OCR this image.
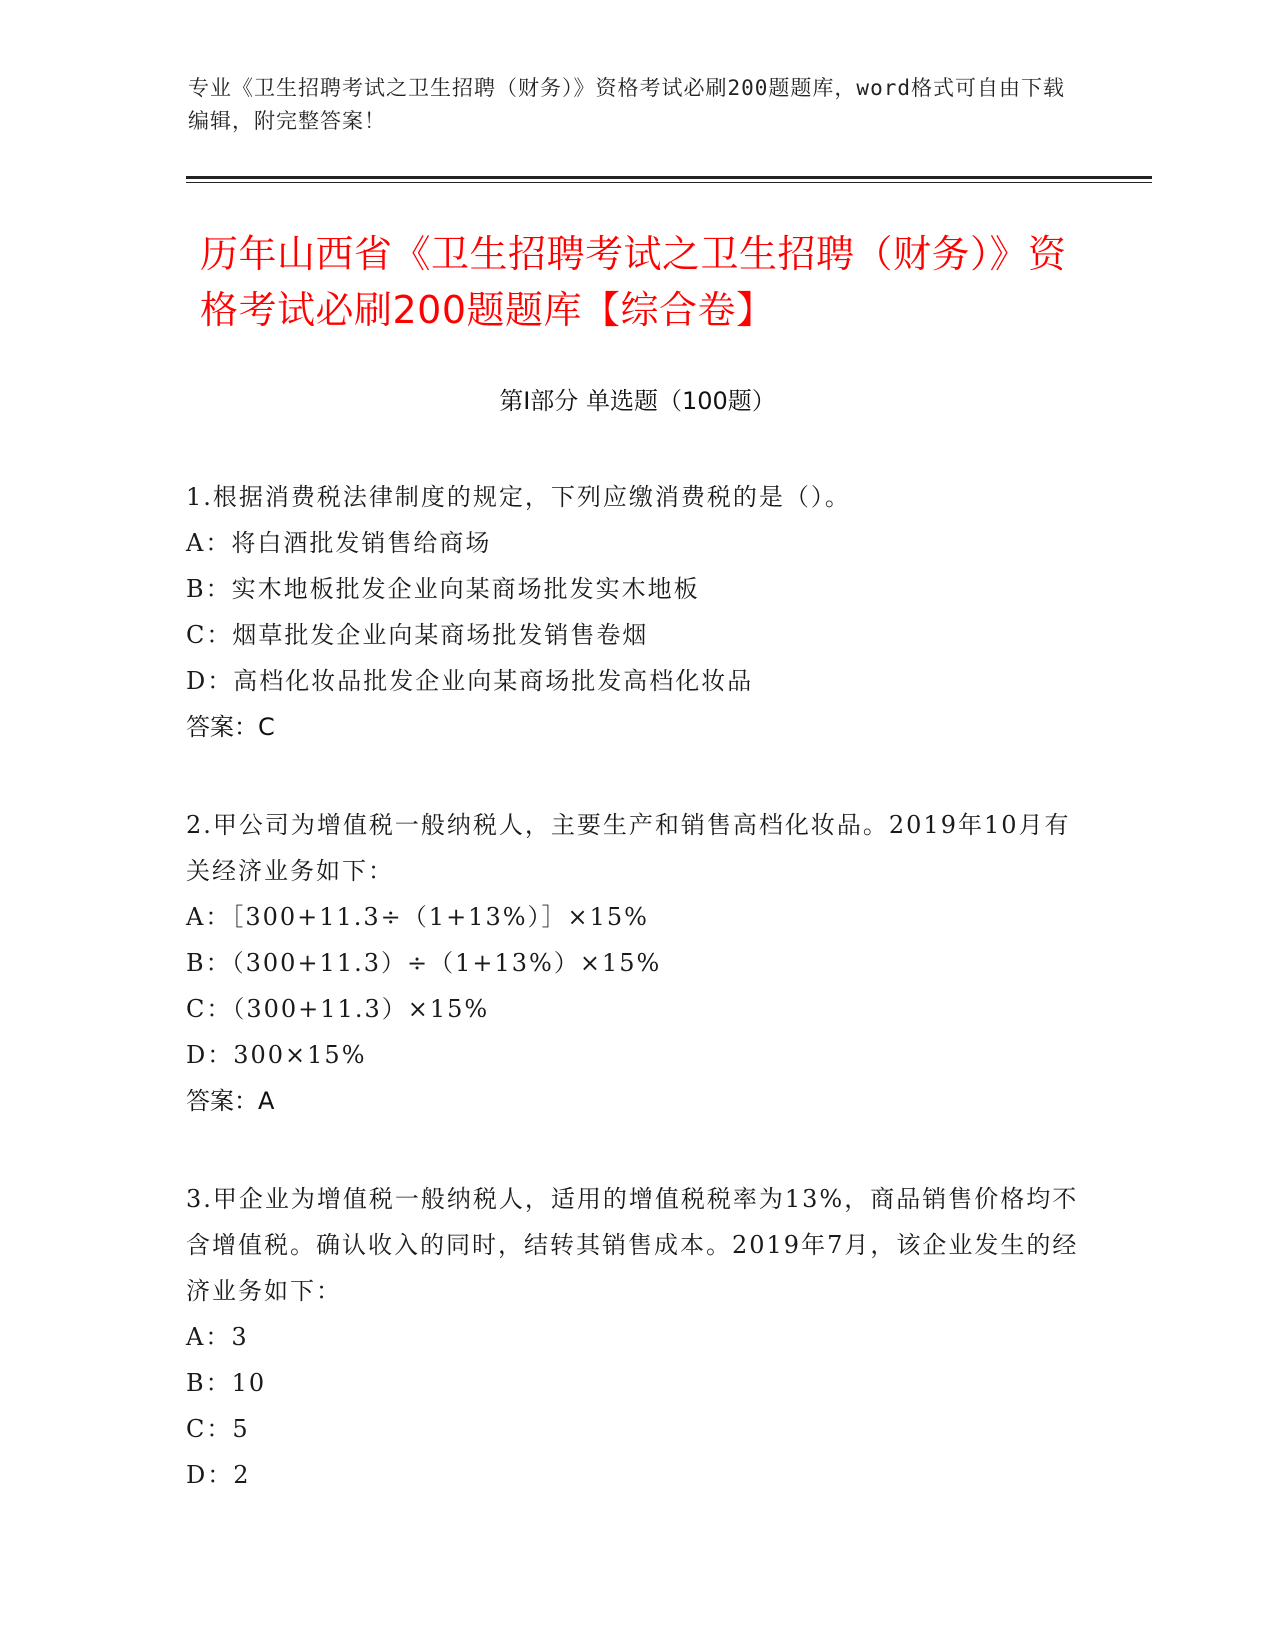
专业《卫生招聘考试之卫生招聘（财务）》资格考试必刷200题题库，word格式可自由下载编辑，附完整答案！
历年山西省《卫生招聘考试之卫生招聘（财务）》资格考试必刷200题题库【综合卷】
第Ⅰ部分 单选题（100题）

1.根据消费税法律制度的规定，下列应缴消费税的是（）。

A：将白酒批发销售给商场

B：实木地板批发企业向某商场批发实木地板

C：烟草批发企业向某商场批发销售卷烟

D：高档化妆品批发企业向某商场批发高档化妆品

答案：C

2.甲公司为增值税一般纳税人，主要生产和销售高档化妆品。2019年10月有关经济业务如下：

A：［300+11.3÷（1+13%）］×15%

B：（300+11.3）÷（1+13%）×15%

C：（300+11.3）×15%

D：300×15%

答案：A

3.甲企业为增值税一般纳税人，适用的增值税税率为13%，商品销售价格均不含增值税。确认收入的同时，结转其销售成本。2019年7月，该企业发生的经济业务如下：

A：3

B：10

C：5

D：2
